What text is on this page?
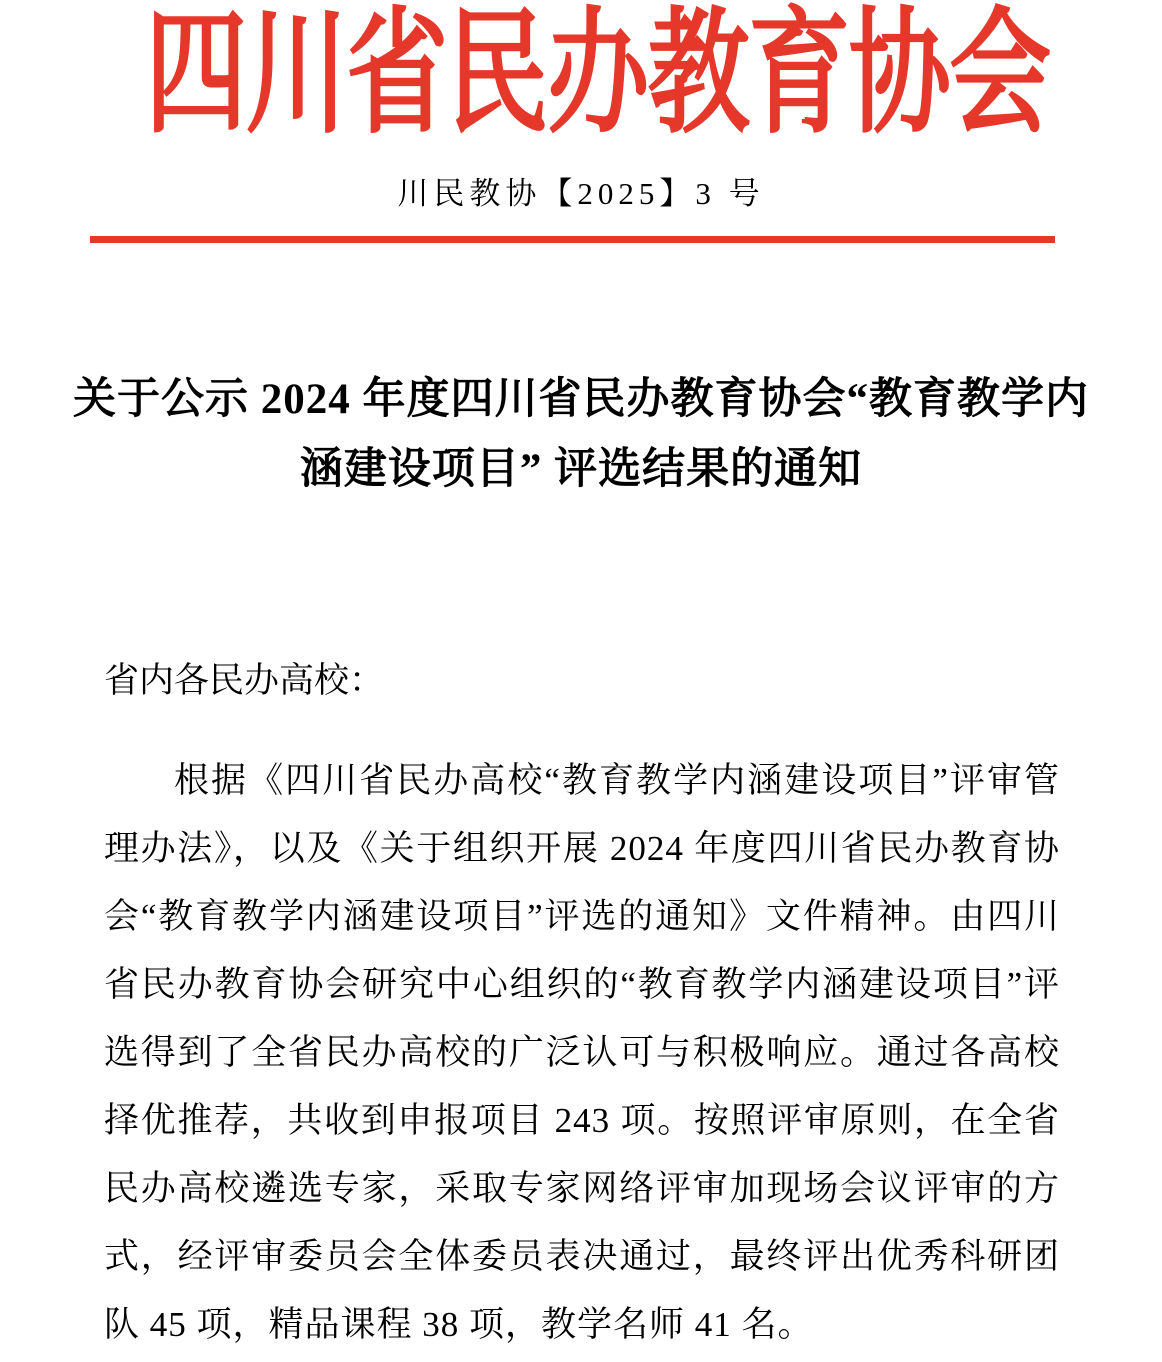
四川省民办教育协会
川民教协【2025】3 号
关于公示 2024 年度四川省民办教育协会“教育教学内
涵建设项目” 评选结果的通知
省内各民办高校：
根据《四川省民办高校“教育教学内涵建设项目”评审管理办法》，以及《关于组织开展 2024 年度四川省民办教育协会“教育教学内涵建设项目”评选的通知》文件精神。由四川省民办教育协会研究中心组织的“教育教学内涵建设项目”评选得到了全省民办高校的广泛认可与积极响应。通过各高校择优推荐，共收到申报项目 243 项。按照评审原则，在全省民办高校遴选专家，采取专家网络评审加现场会议评审的方式，经评审委员会全体委员表决通过，最终评出优秀科研团队 45 项，精品课程 38 项，教学名师 41 名。
